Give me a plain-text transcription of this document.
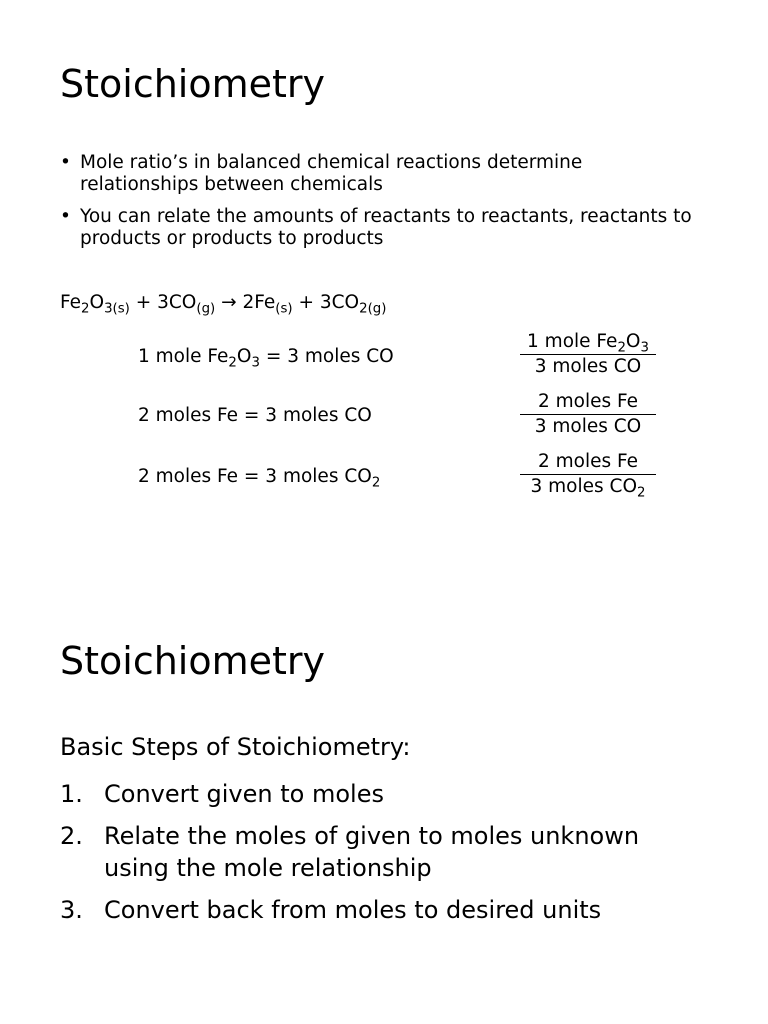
Stoichiometry
• Mole ratio’s in balanced chemical reactions determine relationships between chemicals
• You can relate the amounts of reactants to reactants, reactants to products or products to products
$Fe_2O_{3(s)} + 3CO_{(g)} \to 2Fe_{(s)} + 3CO_{2(g)}$
1 mole $Fe_2O_3 = 3$ moles CO
2 moles Fe = 3 moles CO
2 moles Fe = 3 moles $CO_2$
1 mole $Fe_2O_3$
3 moles CO
2 moles Fe
3 moles CO
2 moles Fe
3 moles $CO_2$
Stoichiometry

Basic Steps of Stoichiometry:

1. Convert given to moles
2. Relate the moles of given to moles unknown using the mole relationship
3. Convert back from moles to desired units
